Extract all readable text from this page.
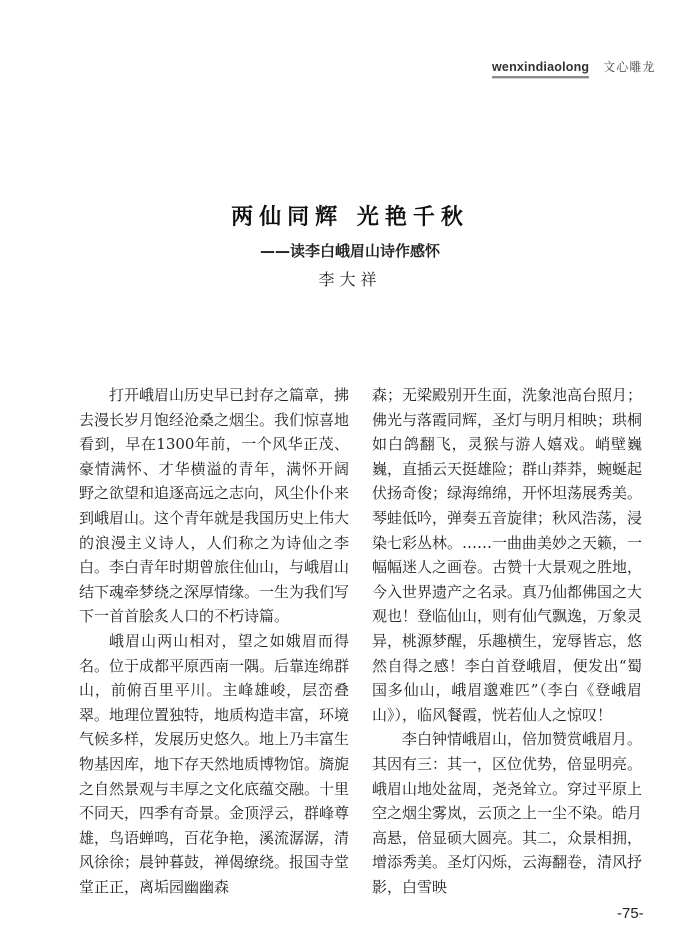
wenxindiaolong 文心雕龙
两仙同辉 光艳千秋
——读李白峨眉山诗作感怀
李大祥

打开峨眉山历史早已封存之篇章，拂去漫长岁月饱经沧桑之烟尘。我们惊喜地看到，早在1300年前，一个风华正茂、豪情满怀、才华横溢的青年，满怀开阔 野之欲望和追逐高远之志向，风尘仆仆来到峨眉山。这个青年就是我国历史上伟大的浪漫主义诗人，人们称之为诗仙之李白。李白青年时期曾旅住仙山，与峨眉山结下魂牵梦绕之深厚情缘。一生为我们写下一首首脍炙人口的不朽诗篇。

峨眉山两山相对，望之如娥眉而得名。位于成都平原西南一隅。后靠连绵群山，前俯百里平川。主峰雄峻，层峦叠翠。地理位置独特，地质构造丰富，环境气候多样，发展历史悠久。地上乃丰富生物基因库，地下存天然地质博物馆。旖旎之自然景观与丰厚之文化底蕴交融。十里不同天，四季有奇景。金顶浮云，群峰尊雄，鸟语蝉鸣，百花争艳，溪流潺潺，清风徐徐；晨钟暮鼓，禅偈缭绕。报国寺堂堂正正，离垢园幽幽森

森；无梁殿别开生面，洗象池高台照月；佛光与落霞同辉，圣灯与明月相映；珙桐如白鸽翻飞，灵猴与游人嬉戏。峭壁巍巍，直插云天挺雄险；群山莽莽，蜿蜒起伏扬奇俊；绿海绵绵，开怀坦荡展秀美。琴蛙低吟，弹奏五音旋律；秋风浩荡，浸染七彩丛林。……一曲曲美妙之天籁，一幅幅迷人之画卷。古赞十大景观之胜地，今入世界遗产之名录。真乃仙都佛国之大观也！登临仙山，则有仙气飘逸，万象灵异，桃源梦醒，乐趣横生，宠辱皆忘，悠然自得之感！李白首登峨眉，便发出“蜀国多仙山，峨眉邈难匹”（李白《登峨眉山》），临风餐霞，恍若仙人之惊叹！

李白钟情峨眉山，倍加赞赏峨眉月。其因有三：其一，区位优势，倍显明亮。峨眉山地处盆周，尧尧耸立。穿过平原上空之烟尘雾岚，云顶之上一尘不染。皓月高悬，倍显硕大圆亮。其二，众景相拥，增添秀美。圣灯闪烁，云海翻卷，清风抒影，白雪映

-75-
